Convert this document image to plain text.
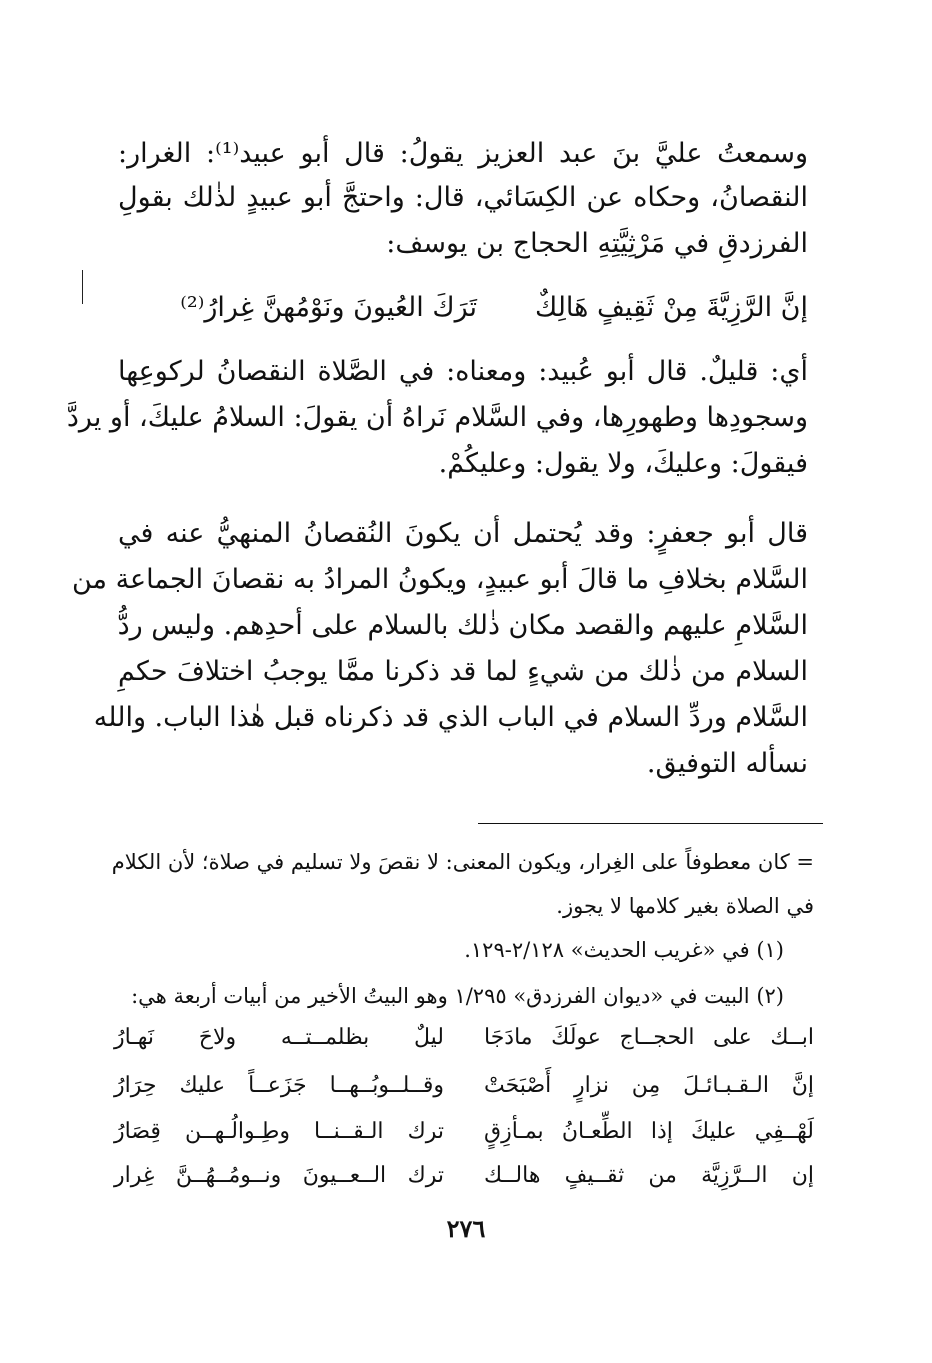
وسمعتُ عليَّ بنَ عبد العزيز يقولُ: قال أبو عبيد⁽¹⁾: الغرار:
النقصانُ، وحكاه عن الكِسَائي، قال: واحتجَّ أبو عبيدٍ لذٰلك بقولِ
الفرزدقِ في مَرْثِيَّتِهِ الحجاج بن يوسف:
إنَّ الرَّزِيَّةَ مِنْ ثَقِيفٍ هَالِكٌ
تَرَكَ العُيونَ ونَوْمُهنَّ غِرارُ⁽²⁾
أي: قليلٌ. قال أبو عُبيد: ومعناه: في الصَّلاة النقصانُ لركوعِها
وسجودِها وطهورِها، وفي السَّلام نَراهُ أن يقولَ: السلامُ عليكَ، أو يردَّ
فيقولَ: وعليكَ، ولا يقول: وعليكُمْ.
قال أبو جعفرٍ: وقد يُحتمل أن يكونَ النُقصانُ المنهيُّ عنه في
السَّلام بخلافِ ما قالَ أبو عبيدٍ، ويكونُ المرادُ به نقصانَ الجماعة من
السَّلامِ عليهم والقصد مكان ذٰلك بالسلام على أحدِهم. وليس ردُّ
السلام من ذٰلك من شيءٍ لما قد ذكرنا ممَّا يوجبُ اختلافَ حكمِ
السَّلام وردِّ السلام في الباب الذي قد ذكرناه قبل هٰذا الباب. والله
نسأله التوفيق.
= كان معطوفاً على الغِرار، ويكون المعنى: لا نقصَ ولا تسليم في صلاة؛ لأن الكلام
في الصلاة بغير كلامها لا يجوز.
(١) في «غريب الحديث» ٢/١٢٨-١٢٩.
(٢) البيت في «ديوان الفرزدق» ١/٢٩٥ وهو البيتُ الأخير من أبيات أربعة هي:
ابــك على الحجــاج عولَكَ مادَجَا
ليلٌ بظلمــتــه ولاحَ نَهـارُ
إنَّ الـقـبـائـلَ مِن نزارٍ أَصْبَحَتْ
وقــلــوبُــهــا جَزَعــاً عليك حِرَارُ
لَهْــفِي عليكَ إذا الطِّعـانُ بمـأزِقٍ
ترك الـقــنــا وطِـوالُـهــن قِصَارُ
إن الــرَّزِيَّة من ثقــيفٍ هالــك
ترك الــعــيونَ ونــومُــهُــنَّ غِرار
٢٧٦
